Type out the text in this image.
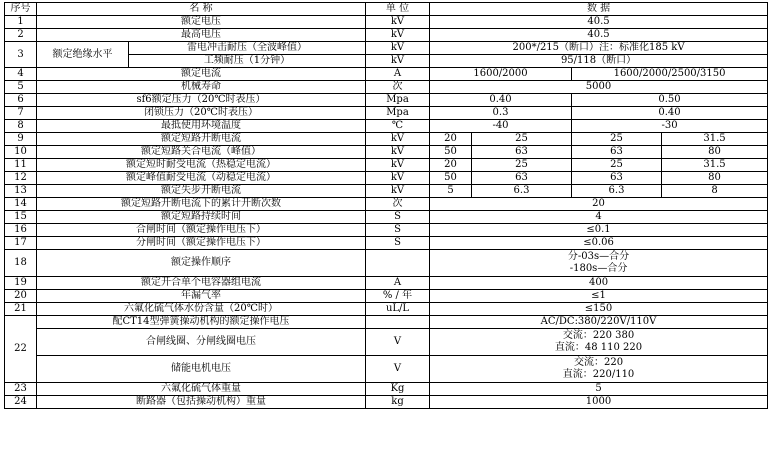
序号	名 称		单 位	数 据			
1	额定电压		kV	40.5			
2	最高电压		kV	40.5			
3	额定绝缘水平	雷电冲击耐压（全波峰值）	kV	200*/215（断口）注：标准化185 kV			
		工频耐压（1分钟）	kV	95/118（断口）			
4	额定电流		A	1600/2000		1600/2000/2500/3150	
5	机械寿命		次	5000			
6	sf6额定压力（20℃时表压）		Mpa	0.40		0.50	
7	闭锁压力（20℃时表压）		Mpa	0.3		0.40	
8	最抵使用环境温度		℃	-40		-30	
9	额定短路开断电流		kV	20	25	25	31.5
10	额定短路关合电流（峰值）		kV	50	63	63	80
11	额定短时耐受电流（热稳定电流）		kV	20	25	25	31.5
12	额定峰值耐受电流（动稳定电流）		kV	50	63	63	80
13	额定失步开断电流		kV	5	6.3	6.3	8
14	额定短路开断电流下的累计开断次数		次	20			
15	额定短路持续时间		S	4			
16	合闸时间（额定操作电压下）		S	≤0.1			
17	分闸时间（额定操作电压下）		S	≤0.06			
18	额定操作顺序			分-03s—合分
-180s—合分			

19	额定开合单个电容器组电流		A	400			
20	年漏气率		% / 年	≤1			
21	六氟化硫气体水份含量（20℃时）		uL/L	≤150			
22	配CT14型弹簧操动机构的额定操作电压			AC/DC:380/220V/110V			
	合闸线圈、分闸线圈电压		V	交流：220 380
直流：48 110 220			

	储能电机电压		V	交流：220
直流：220/110			

23	六氟化硫气体重量		Kg	5			
24	断路器（包括操动机构）重量		kg	1000			
